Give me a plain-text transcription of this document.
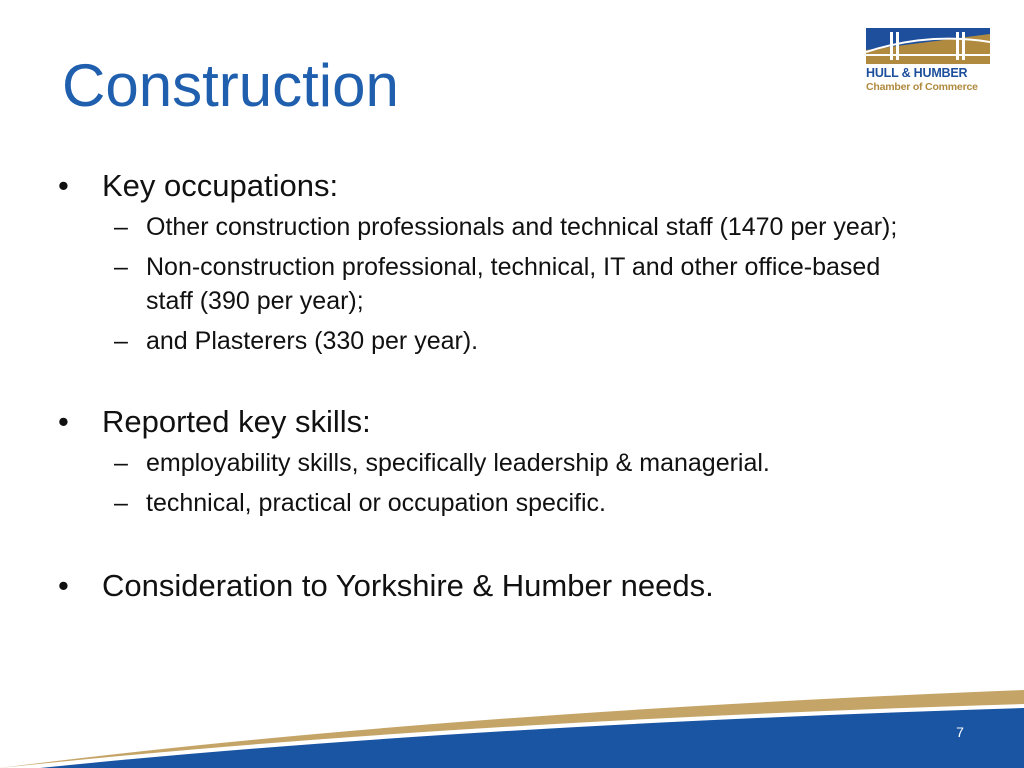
Construction	HULL & HUMBER
Chamber of Commerce
• Key occupations:
– Other construction professionals and technical staff (1470 per year);
– Non-construction professional, technical, IT and other office-based staff (390 per year);
– and Plasterers (330 per year).
• Reported key skills:
– employability skills, specifically leadership & managerial.
– technical, practical or occupation specific.
• Consideration to Yorkshire & Humber needs.
7
